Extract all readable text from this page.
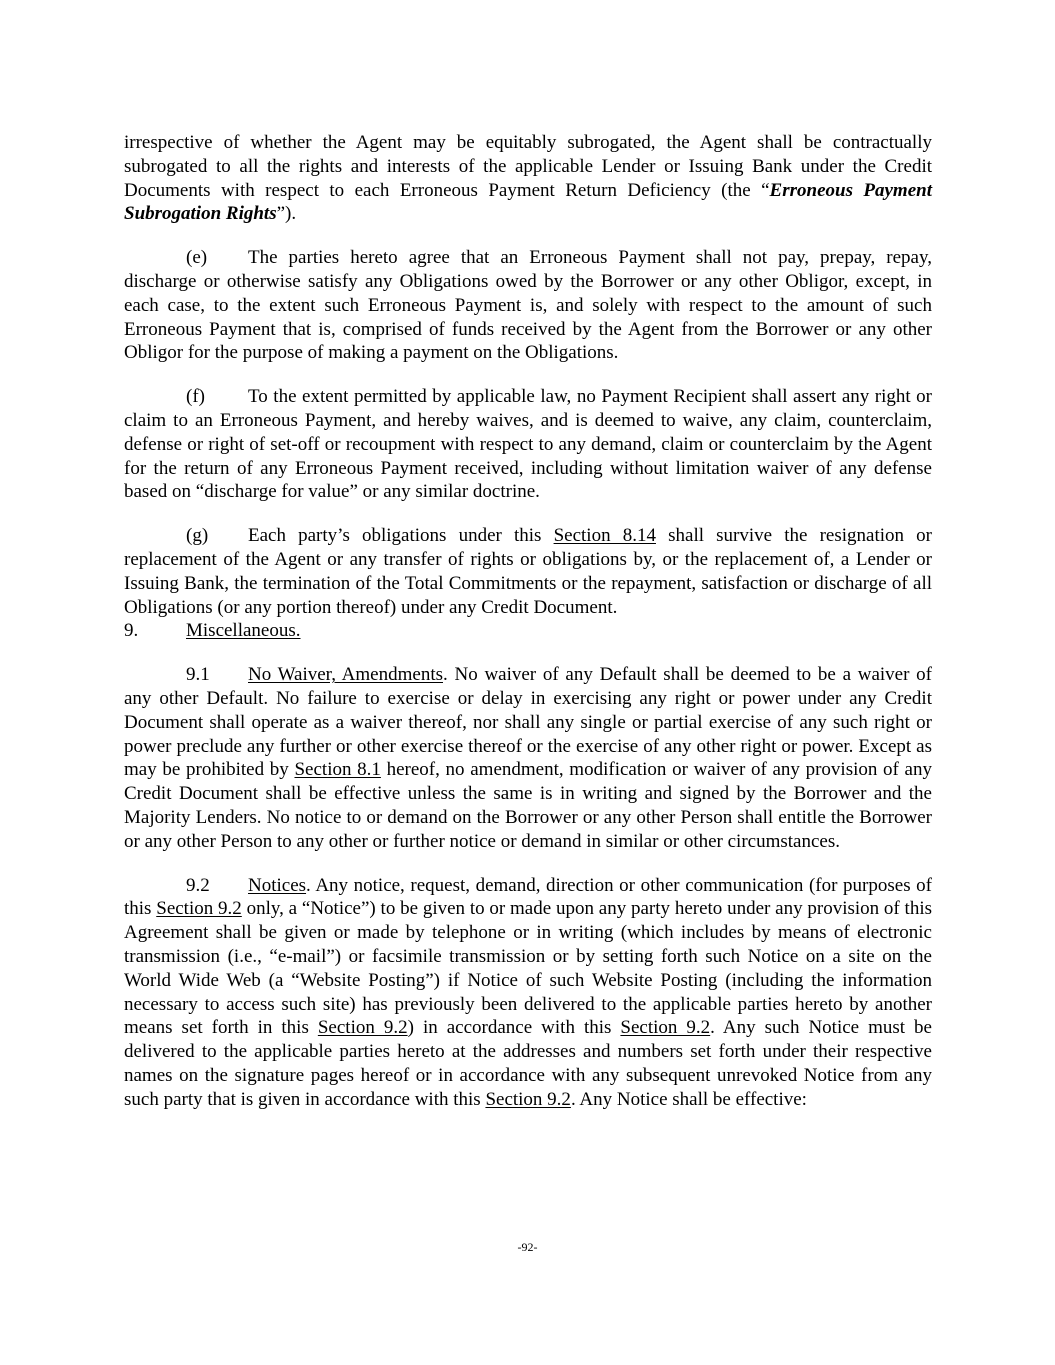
irrespective of whether the Agent may be equitably subrogated, the Agent shall be contractually subrogated to all the rights and interests of the applicable Lender or Issuing Bank under the Credit Documents with respect to each Erroneous Payment Return Deficiency (the “Erroneous Payment Subrogation Rights”).

(e) The parties hereto agree that an Erroneous Payment shall not pay, prepay, repay, discharge or otherwise satisfy any Obligations owed by the Borrower or any other Obligor, except, in each case, to the extent such Erroneous Payment is, and solely with respect to the amount of such Erroneous Payment that is, comprised of funds received by the Agent from the Borrower or any other Obligor for the purpose of making a payment on the Obligations.

(f) To the extent permitted by applicable law, no Payment Recipient shall assert any right or claim to an Erroneous Payment, and hereby waives, and is deemed to waive, any claim, counterclaim, defense or right of set-off or recoupment with respect to any demand, claim or counterclaim by the Agent for the return of any Erroneous Payment received, including without limitation waiver of any defense based on “discharge for value” or any similar doctrine.

(g) Each party’s obligations under this Section 8.14 shall survive the resignation or replacement of the Agent or any transfer of rights or obligations by, or the replacement of, a Lender or Issuing Bank, the termination of the Total Commitments or the repayment, satisfaction or discharge of all Obligations (or any portion thereof) under any Credit Document.

9.	Miscellaneous.

9.1 No Waiver, Amendments. No waiver of any Default shall be deemed to be a waiver of any other Default. No failure to exercise or delay in exercising any right or power under any Credit Document shall operate as a waiver thereof, nor shall any single or partial exercise of any such right or power preclude any further or other exercise thereof or the exercise of any other right or power. Except as may be prohibited by Section 8.1 hereof, no amendment, modification or waiver of any provision of any Credit Document shall be effective unless the same is in writing and signed by the Borrower and the Majority Lenders. No notice to or demand on the Borrower or any other Person shall entitle the Borrower or any other Person to any other or further notice or demand in similar or other circumstances.

9.2 Notices. Any notice, request, demand, direction or other communication (for purposes of this Section 9.2 only, a “Notice”) to be given to or made upon any party hereto under any provision of this Agreement shall be given or made by telephone or in writing (which includes by means of electronic transmission (i.e., “e-mail”) or facsimile transmission or by setting forth such Notice on a site on the World Wide Web (a “Website Posting”) if Notice of such Website Posting (including the information necessary to access such site) has previously been delivered to the applicable parties hereto by another means set forth in this Section 9.2) in accordance with this Section 9.2. Any such Notice must be delivered to the applicable parties hereto at the addresses and numbers set forth under their respective names on the signature pages hereof or in accordance with any subsequent unrevoked Notice from any such party that is given in accordance with this Section 9.2. Any Notice shall be effective:

-92-
